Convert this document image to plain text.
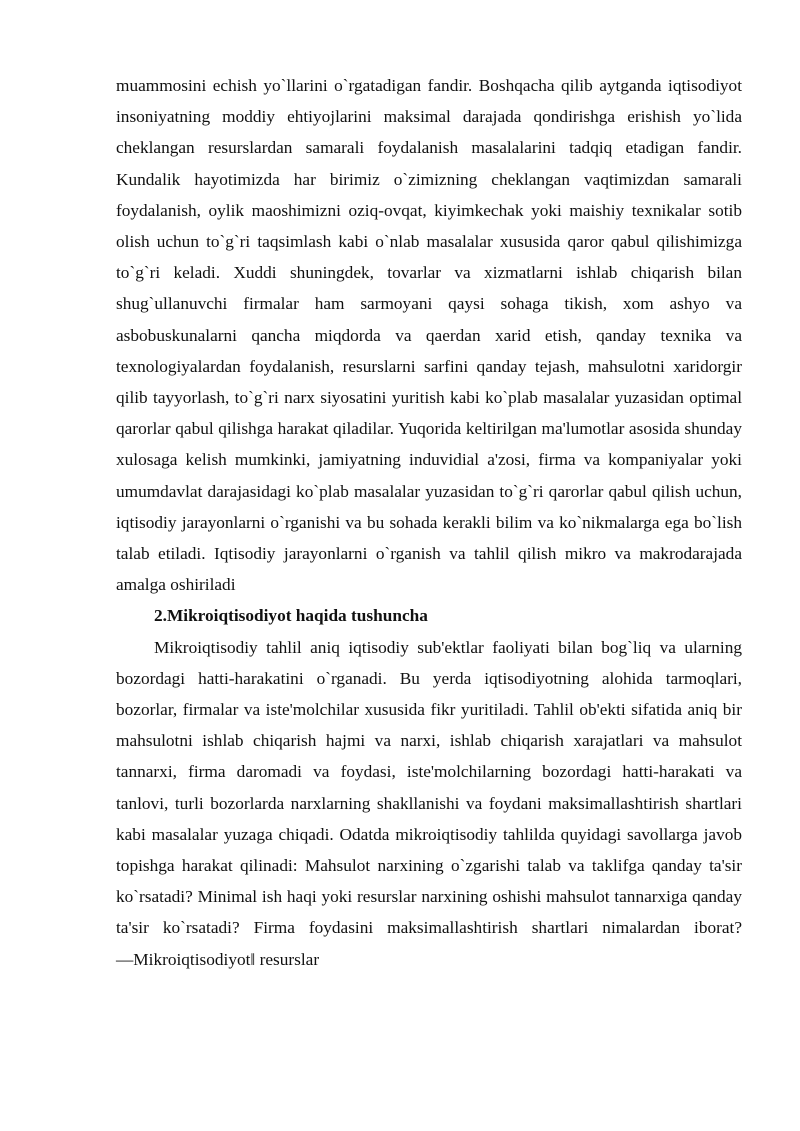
muammosini echish yo`llarini o`rgatadigan fandir. Boshqacha qilib aytganda iqtisodiyot insoniyatning moddiy ehtiyojlarini maksimal darajada qondirishga erishish yo`lida cheklangan resurslardan samarali foydalanish masalalarini tadqiq etadigan fandir. Kundalik hayotimizda har birimiz o`zimizning cheklangan vaqtimizdan samarali foydalanish, oylik maoshimizni oziq-ovqat, kiyimkechak yoki maishiy texnikalar sotib olish uchun to`g`ri taqsimlash kabi o`nlab masalalar xususida qaror qabul qilishimizga to`g`ri keladi. Xuddi shuningdek, tovarlar va xizmatlarni ishlab chiqarish bilan shug`ullanuvchi firmalar ham sarmoyani qaysi sohaga tikish, xom ashyo va asbobuskunalarni qancha miqdorda va qaerdan xarid etish, qanday texnika va texnologiyalardan foydalanish, resurslarni sarfini qanday tejash, mahsulotni xaridorgir qilib tayyorlash, to`g`ri narx siyosatini yuritish kabi ko`plab masalalar yuzasidan optimal qarorlar qabul qilishga harakat qiladilar. Yuqorida keltirilgan ma'lumotlar asosida shunday xulosaga kelish mumkinki, jamiyatning induvidial a'zosi, firma va kompaniyalar yoki umumdavlat darajasidagi ko`plab masalalar yuzasidan to`g`ri qarorlar qabul qilish uchun, iqtisodiy jarayonlarni o`rganishi va bu sohada kerakli bilim va ko`nikmalarga ega bo`lish talab etiladi. Iqtisodiy jarayonlarni o`rganish va tahlil qilish mikro va makrodarajada amalga oshiriladi

2.Mikroiqtisodiyot haqida tushuncha

Mikroiqtisodiy tahlil aniq iqtisodiy sub'ektlar faoliyati bilan bog`liq va ularning bozordagi hatti-harakatini o`rganadi. Bu yerda iqtisodiyotning alohida tarmoqlari, bozorlar, firmalar va iste'molchilar xususida fikr yuritiladi. Tahlil ob'ekti sifatida aniq bir mahsulotni ishlab chiqarish hajmi va narxi, ishlab chiqarish xarajatlari va mahsulot tannarxi, firma daromadi va foydasi, iste'molchilarning bozordagi hatti-harakati va tanlovi, turli bozorlarda narxlarning shakllanishi va foydani maksimallashtirish shartlari kabi masalalar yuzaga chiqadi. Odatda mikroiqtisodiy tahlilda quyidagi savollarga javob topishga harakat qilinadi: Mahsulot narxining o`zgarishi talab va taklifga qanday ta'sir ko`rsatadi? Minimal ish haqi yoki resurslar narxining oshishi mahsulot tannarxiga qanday ta'sir ko`rsatadi? Firma foydasini maksimallashtirish shartlari nimalardan iborat? ―Mikroiqtisodiyot‖ resurslar
